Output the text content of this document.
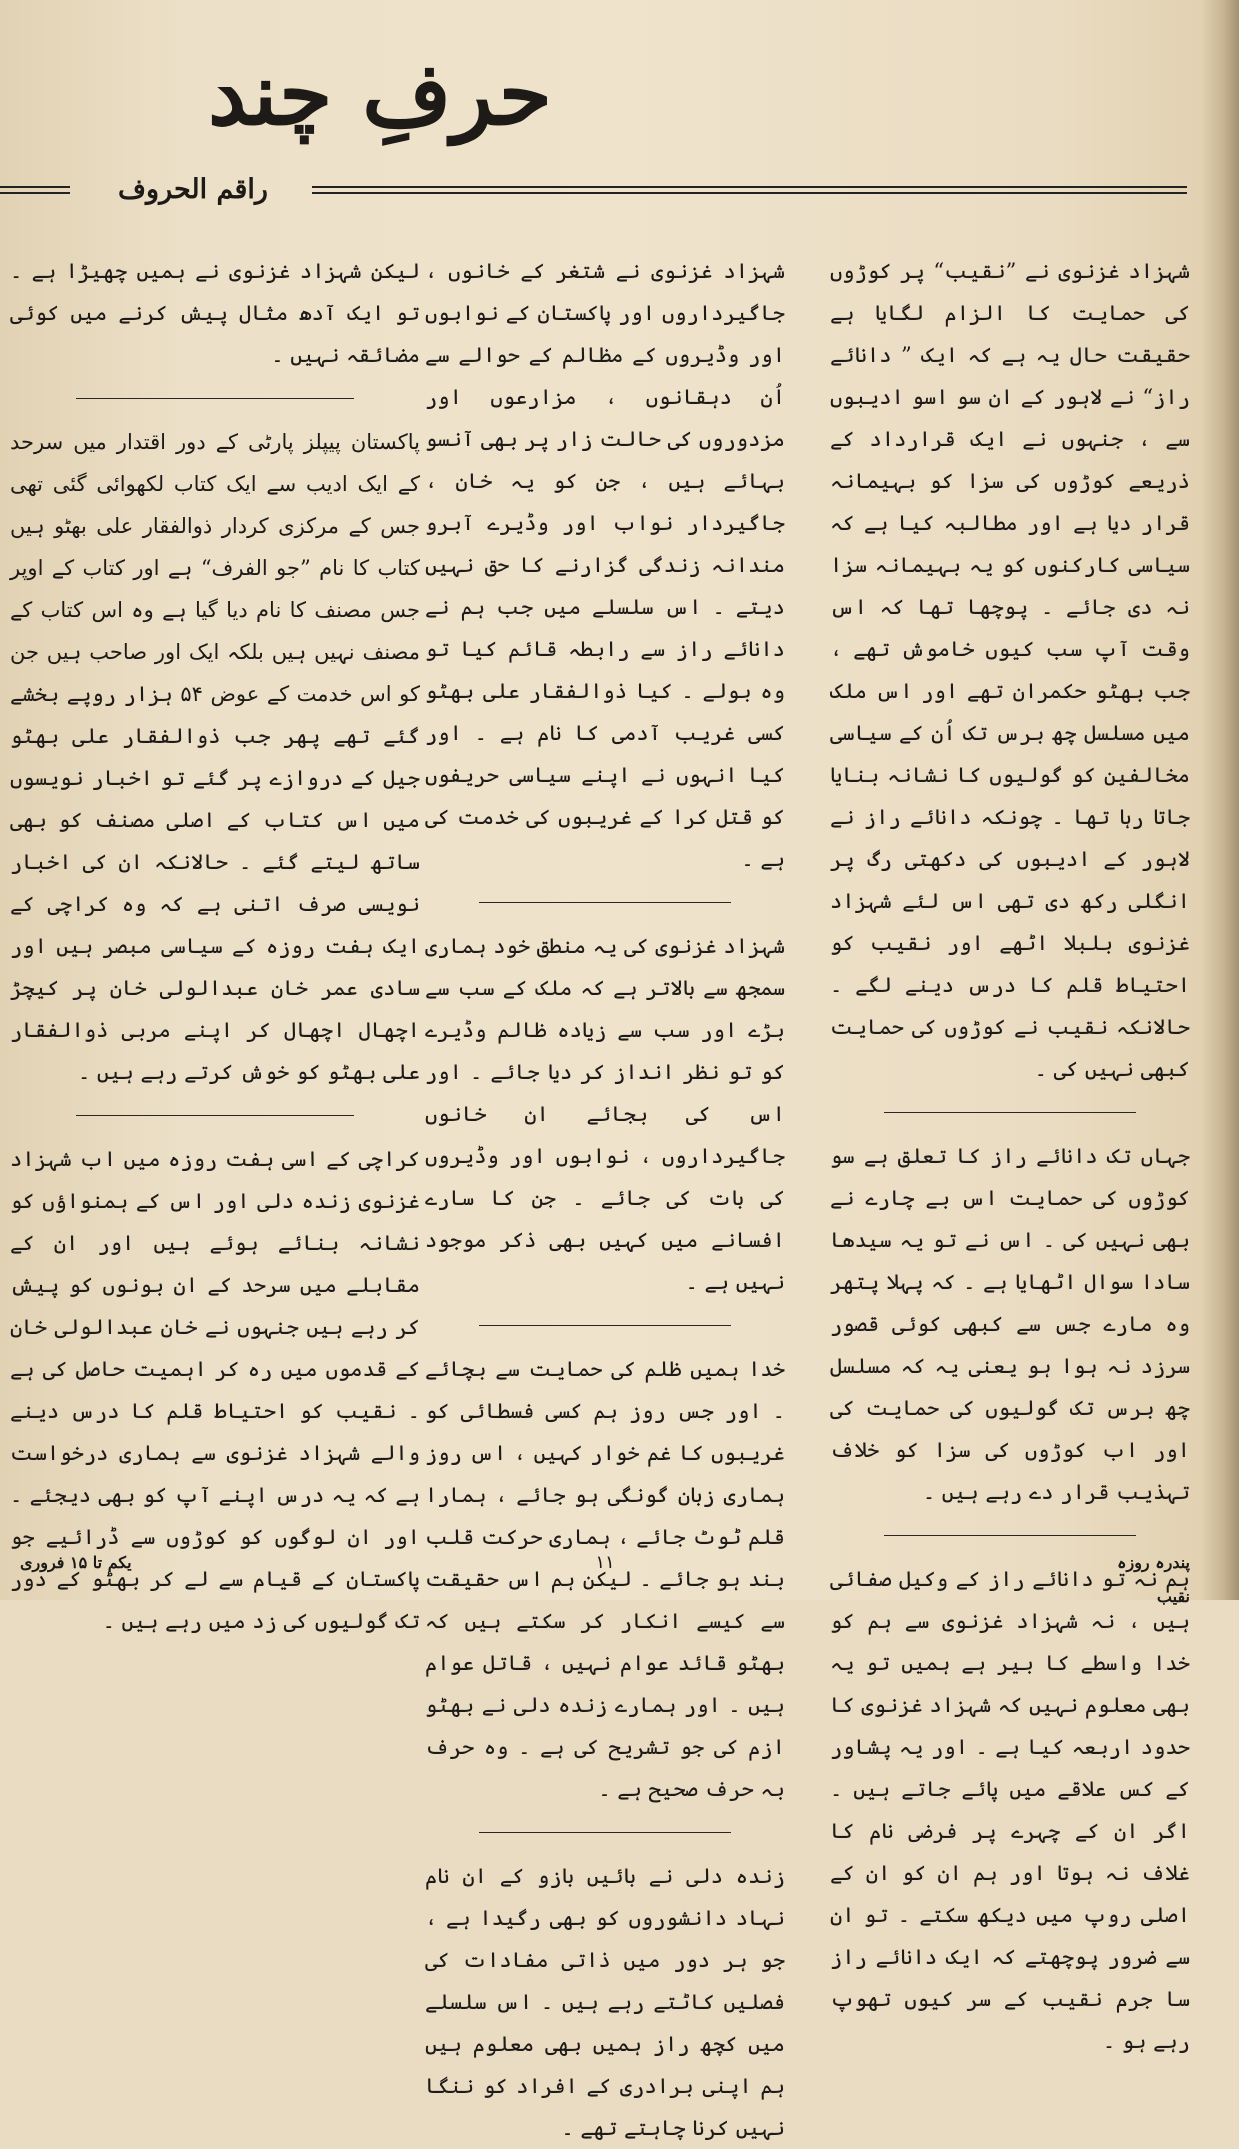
حرفِ چند
راقم الحروف
شہزاد غزنوی نے ”نقیب“ پر کوڑوں کی حمایت کا الزام لگایا ہے حقیقت حال یہ ہے کہ ایک ” دانائے راز“ نے لاہور کے ان سو اسو ادیبوں سے ، جنہوں نے ایک قرارداد کے ذریعے کوڑوں کی سزا کو بہیمانہ قرار دیا ہے اور مطالبہ کیا ہے کہ سیاسی کارکنوں کو یہ بہیمانہ سزا نہ دی جائے ۔ پوچھا تھا کہ اس وقت آپ سب کیوں خاموش تھے ، جب بھٹو حکمران تھے اور اس ملک میں مسلسل چھ برس تک اُن کے سیاسی مخالفین کو گولیوں کا نشانہ بنایا جاتا رہا تھا ۔ چونکہ دانائے راز نے لاہور کے ادیبوں کی دکھتی رگ پر انگلی رکھ دی تھی اس لئے شہزاد غزنوی بلبلا اٹھے اور نقیب کو احتیاط قلم کا درس دینے لگے ۔ حالانکہ نقیب نے کوڑوں کی حمایت کبھی نہیں کی ۔
جہاں تک دانائے راز کا تعلق ہے سو کوڑوں کی حمایت اس بے چارے نے بھی نہیں کی ۔ اس نے تو یہ سیدھا سادا سوال اٹھایا ہے ۔ کہ پہلا پتھر وہ مارے جس سے کبھی کوئی قصور سرزد نہ ہوا ہو یعنی یہ کہ مسلسل چھ برس تک گولیوں کی حمایت کی اور اب کوڑوں کی سزا کو خلاف تہذیب قرار دے رہے ہیں ۔
ہم نہ تو دانائے راز کے وکیل صفائی ہیں ، نہ شہزاد غزنوی سے ہم کو خدا واسطے کا بیر ہے ہمیں تو یہ بھی معلوم نہیں کہ شہزاد غزنوی کا حدود اربعہ کیا ہے ۔ اور یہ پشاور کے کس علاقے میں پائے جاتے ہیں ۔ اگر ان کے چہرے پر فرضی نام کا غلاف نہ ہوتا اور ہم ان کو ان کے اصلی روپ میں دیکھ سکتے ۔ تو ان سے ضرور پوچھتے کہ ایک دانائے راز سا جرم نقیب کے سر کیوں تھوپ رہے ہو ۔
شہزاد غزنوی نے شتغر کے خانوں ، جاگیرداروں اور پاکستان کے نوابوں اور وڈیروں کے مظالم کے حوالے سے اُن دہقانوں ، مزارعوں اور مزدوروں کی حالت زار پر بھی آنسو بہائے ہیں ، جن کو یہ خان ، جاگیردار نواب اور وڈیرے آبرو مندانہ زندگی گزارنے کا حق نہیں دیتے ۔ اس سلسلے میں جب ہم نے دانائے راز سے رابطہ قائم کیا تو وہ بولے ۔ کیا ذوالفقار علی بھٹو کسی غریب آدمی کا نام ہے ۔ اور کیا انہوں نے اپنے سیاسی حریفوں کو قتل کرا کے غریبوں کی خدمت کی ہے ۔
شہزاد غزنوی کی یہ منطق خود ہماری سمجھ سے بالاتر ہے کہ ملک کے سب سے بڑے اور سب سے زیادہ ظالم وڈیرے کو تو نظر انداز کر دیا جائے ۔ اور اس کی بجائے ان خانوں جاگیرداروں ، نوابوں اور وڈیروں کی بات کی جائے ۔ جن کا سارے افسانے میں کہیں بھی ذکر موجود نہیں ہے ۔
خدا ہمیں ظلم کی حمایت سے بچائے ۔ اور جس روز ہم کسی فسطائی کو غریبوں کا غم خوار کہیں ، اس روز ہماری زبان گونگی ہو جائے ، ہمارا قلم ٹوٹ جائے ، ہماری حرکت قلب بند ہو جائے ۔ لیکن ہم اس حقیقت سے کیسے انکار کر سکتے ہیں کہ بھٹو قائد عوام نہیں ، قاتل عوام ہیں ۔ اور ہمارے زندہ دلی نے بھٹو ازم کی جو تشریح کی ہے ۔ وہ حرف بہ حرف صحیح ہے ۔
زندہ دلی نے بائیں بازو کے ان نام نہاد دانشوروں کو بھی رگیدا ہے ، جو ہر دور میں ذاتی مفادات کی فصلیں کاٹتے رہے ہیں ۔ اس سلسلے میں کچھ راز ہمیں بھی معلوم ہیں ہم اپنی برادری کے افراد کو ننگا نہیں کرنا چاہتے تھے ۔
لیکن شہزاد غزنوی نے ہمیں چھیڑا ہے ۔ تو ایک آدھ مثال پیش کرنے میں کوئی مضائقہ نہیں ۔
پاکستان پیپلز پارٹی کے دور اقتدار میں سرحد کے ایک ادیب سے ایک کتاب لکھوائی گئی تھی جس کے مرکزی کردار ذوالفقار علی بھٹو ہیں کتاب کا نام ”جو الفرف“ ہے اور کتاب کے اوپر جس مصنف کا نام دیا گیا ہے وہ اس کتاب کے مصنف نہیں ہیں بلکہ ایک اور صاحب ہیں جن کو اس خدمت کے عوض ۵۴ ہزار روپے بخشے گئے تھے پھر جب ذوالفقار علی بھٹو جیل کے دروازے پر گئے تو اخبار نویسوں میں اس کتاب کے اصلی مصنف کو بھی ساتھ لیتے گئے ۔ حالانکہ ان کی اخبار نویسی صرف اتنی ہے کہ وہ کراچی کے ایک ہفت روزہ کے سیاسی مبصر ہیں اور سادی عمر خان عبدالولی خان پر کیچڑ اچھال اچھال کر اپنے مربی ذوالفقار علی بھٹو کو خوش کرتے رہے ہیں ۔
کراچی کے اسی ہفت روزہ میں اب شہزاد غزنوی زندہ دلی اور اس کے ہمنواؤں کو نشانہ بنائے ہوئے ہیں اور ان کے مقابلے میں سرحد کے ان بونوں کو پیش کر رہے ہیں جنہوں نے خان عبدالولی خان کے قدموں میں رہ کر اہمیت حاصل کی ہے ۔ نقیب کو احتیاط قلم کا درس دینے والے شہزاد غزنوی سے ہماری درخواست ہے کہ یہ درس اپنے آپ کو بھی دیجئے ۔ اور ان لوگوں کو کوڑوں سے ڈرائیے جو پاکستان کے قیام سے لے کر بھٹو کے دور تک گولیوں کی زد میں رہے ہیں ۔
یکم تا ۱۵ فروری	۱۱	پندرہ روزہ نقیب
